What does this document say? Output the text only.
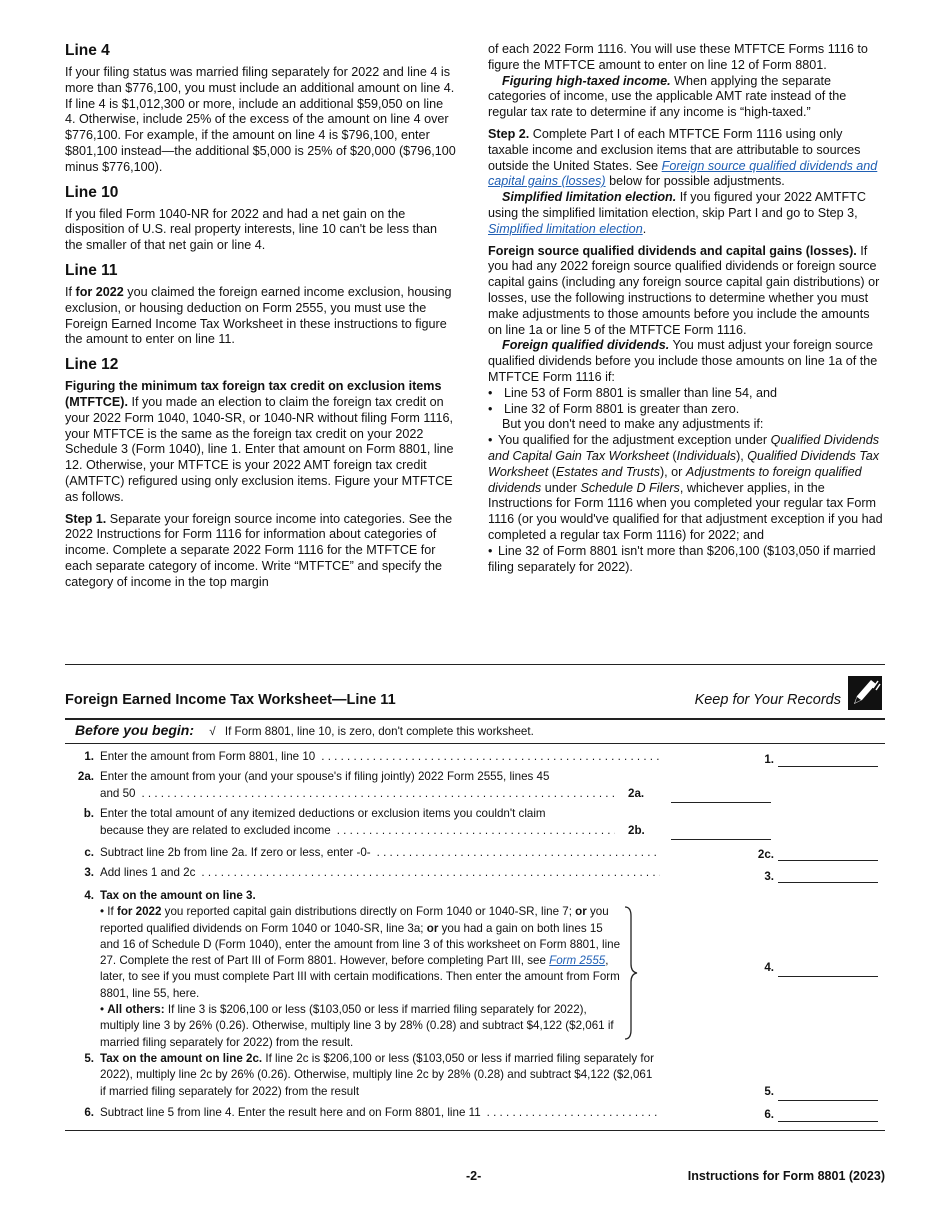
Line 4

If your filing status was married filing separately for 2022 and line 4 is more than $776,100, you must include an additional amount on line 4. If line 4 is $1,012,300 or more, include an additional $59,050 on line 4. Otherwise, include 25% of the excess of the amount on line 4 over $776,100. For example, if the amount on line 4 is $796,100, enter $801,100 instead—the additional $5,000 is 25% of $20,000 ($796,100 minus $776,100).

Line 10

If you filed Form 1040-NR for 2022 and had a net gain on the disposition of U.S. real property interests, line 10 can't be less than the smaller of that net gain or line 4.

Line 11

If for 2022 you claimed the foreign earned income exclusion, housing exclusion, or housing deduction on Form 2555, you must use the Foreign Earned Income Tax Worksheet in these instructions to figure the amount to enter on line 11.

Line 12

Figuring the minimum tax foreign tax credit on exclusion items (MTFTCE). If you made an election to claim the foreign tax credit on your 2022 Form 1040, 1040-SR, or 1040-NR without filing Form 1116, your MTFTCE is the same as the foreign tax credit on your 2022 Schedule 3 (Form 1040), line 1. Enter that amount on Form 8801, line 12. Otherwise, your MTFTCE is your 2022 AMT foreign tax credit (AMTFTC) refigured using only exclusion items. Figure your MTFTCE as follows.

Step 1. Separate your foreign source income into categories. See the 2022 Instructions for Form 1116 for information about categories of income. Complete a separate 2022 Form 1116 for the MTFTCE for each separate category of income. Write “MTFTCE” and specify the category of income in the top margin

of each 2022 Form 1116. You will use these MTFTCE Forms 1116 to figure the MTFTCE amount to enter on line 12 of Form 8801.

Figuring high-taxed income. When applying the separate categories of income, use the applicable AMT rate instead of the regular tax rate to determine if any income is “high-taxed.”

Step 2. Complete Part I of each MTFTCE Form 1116 using only taxable income and exclusion items that are attributable to sources outside the United States. See Foreign source qualified dividends and capital gains (losses) below for possible adjustments.

Simplified limitation election. If you figured your 2022 AMTFTC using the simplified limitation election, skip Part I and go to Step 3, Simplified limitation election.

Foreign source qualified dividends and capital gains (losses). If you had any 2022 foreign source qualified dividends or foreign source capital gains (including any foreign source capital gain distributions) or losses, use the following instructions to determine whether you must make adjustments to those amounts before you include the amounts on line 1a or line 5 of the MTFTCE Form 1116.

Foreign qualified dividends. You must adjust your foreign source qualified dividends before you include those amounts on line 1a of the MTFTCE Form 1116 if:

• Line 53 of Form 8801 is smaller than line 54, and

• Line 32 of Form 8801 is greater than zero.

But you don't need to make any adjustments if:

• You qualified for the adjustment exception under Qualified Dividends and Capital Gain Tax Worksheet (Individuals), Qualified Dividends Tax Worksheet (Estates and Trusts), or Adjustments to foreign qualified dividends under Schedule D Filers, whichever applies, in the Instructions for Form 1116 when you completed your regular tax Form 1116 (or you would've qualified for that adjustment exception if you had completed a regular tax Form 1116) for 2022; and

• Line 32 of Form 8801 isn't more than $206,100 ($103,050 if married filing separately for 2022).

Foreign Earned Income Tax Worksheet—Line 11	Keep for Your Records
Before you begin: √ If Form 8801, line 10, is zero, don't complete this worksheet.
1. Enter the amount from Form 8801, line 10 . . .	1.
2a. Enter the amount from your (and your spouse's if filing jointly) 2022 Form 2555, lines 45
and 50 . . .	2a.
b. Enter the total amount of any itemized deductions or exclusion items you couldn't claim
because they are related to excluded income . . .	2b.
c. Subtract line 2b from line 2a. If zero or less, enter -0- . . .	2c.
3. Add lines 1 and 2c . . .	3.
4. Tax on the amount on line 3.
• If for 2022 you reported capital gain distributions directly on Form 1040 or 1040-SR, line 7; or you reported qualified dividends on Form 1040 or 1040-SR, line 3a; or you had a gain on both lines 15 and 16 of Schedule D (Form 1040), enter the amount from line 3 of this worksheet on Form 8801, line 27. Complete the rest of Part III of Form 8801. However, before completing Part III, see Form 2555, later, to see if you must complete Part III with certain modifications. Then enter the amount from Form 8801, line 55, here.
• All others: If line 3 is $206,100 or less ($103,050 or less if married filing separately for 2022), multiply line 3 by 26% (0.26). Otherwise, multiply line 3 by 28% (0.28) and subtract $4,122 ($2,061 if married filing separately for 2022) from the result.
4.
5. Tax on the amount on line 2c. If line 2c is $206,100 or less ($103,050 or less if married filing separately for 2022), multiply line 2c by 26% (0.26). Otherwise, multiply line 2c by 28% (0.28) and subtract $4,122 ($2,061 if married filing separately for 2022) from the result	5.
6. Subtract line 5 from line 4. Enter the result here and on Form 8801, line 11 . . .	6.
-2-	Instructions for Form 8801 (2023)
